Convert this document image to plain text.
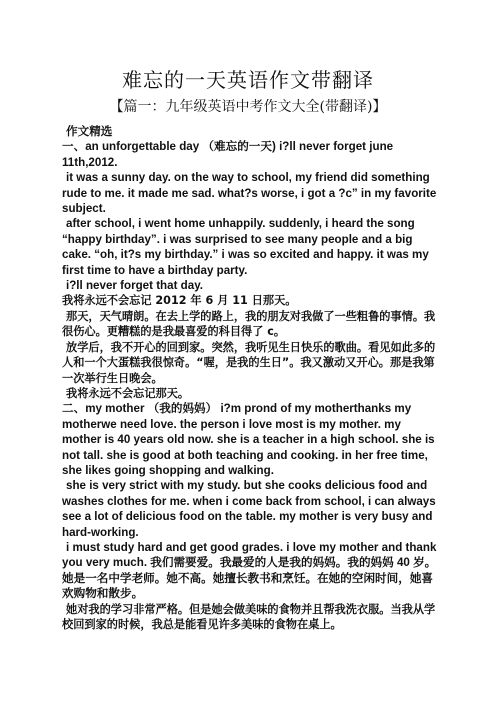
难忘的一天英语作文带翻译
【篇一：九年级英语中考作文大全(带翻译)】

作文精选

一、an unforgettable day （难忘的一天) i?ll never forget june 11th,2012.

it was a sunny day. on the way to school, my friend did something rude to me. it made me sad. what?s worse, i got a ?c” in my favorite subject.

after school, i went home unhappily. suddenly, i heard the song “happy birthday”. i was surprised to see many people and a big cake. “oh, it?s my birthday.” i was so excited and happy. it was my first time to have a birthday party.

i?ll never forget that day.

我将永远不会忘记 2012 年 6 月 11 日那天。

那天，天气晴朗。在去上学的路上，我的朋友对我做了一些粗鲁的事情。我很伤心。更糟糕的是我最喜爱的科目得了 c。

放学后，我不开心的回到家。突然，我听见生日快乐的歌曲。看见如此多的人和一个大蛋糕我很惊奇。“喔，是我的生日”。我又激动又开心。那是我第一次举行生日晚会。

我将永远不会忘记那天。

二、my mother （我的妈妈） i?m prond of my motherthanks my motherwe need love. the person i love most is my mother. my mother is 40 years old now. she is a teacher in a high school. she is not tall. she is good at both teaching and cooking. in her free time, she likes going shopping and walking.

she is very strict with my study. but she cooks delicious food and washes clothes for me. when i come back from school, i can always see a lot of delicious food on the table. my mother is very busy and hard-working.

i must study hard and get good grades. i love my mother and thank you very much. 我们需要爱。我最爱的人是我的妈妈。我的妈妈 40 岁。她是一名中学老师。她不高。她擅长教书和烹饪。在她的空闲时间，她喜欢购物和散步。

她对我的学习非常严格。但是她会做美味的食物并且帮我洗衣服。当我从学校回到家的时候，我总是能看见许多美味的食物在桌上。
